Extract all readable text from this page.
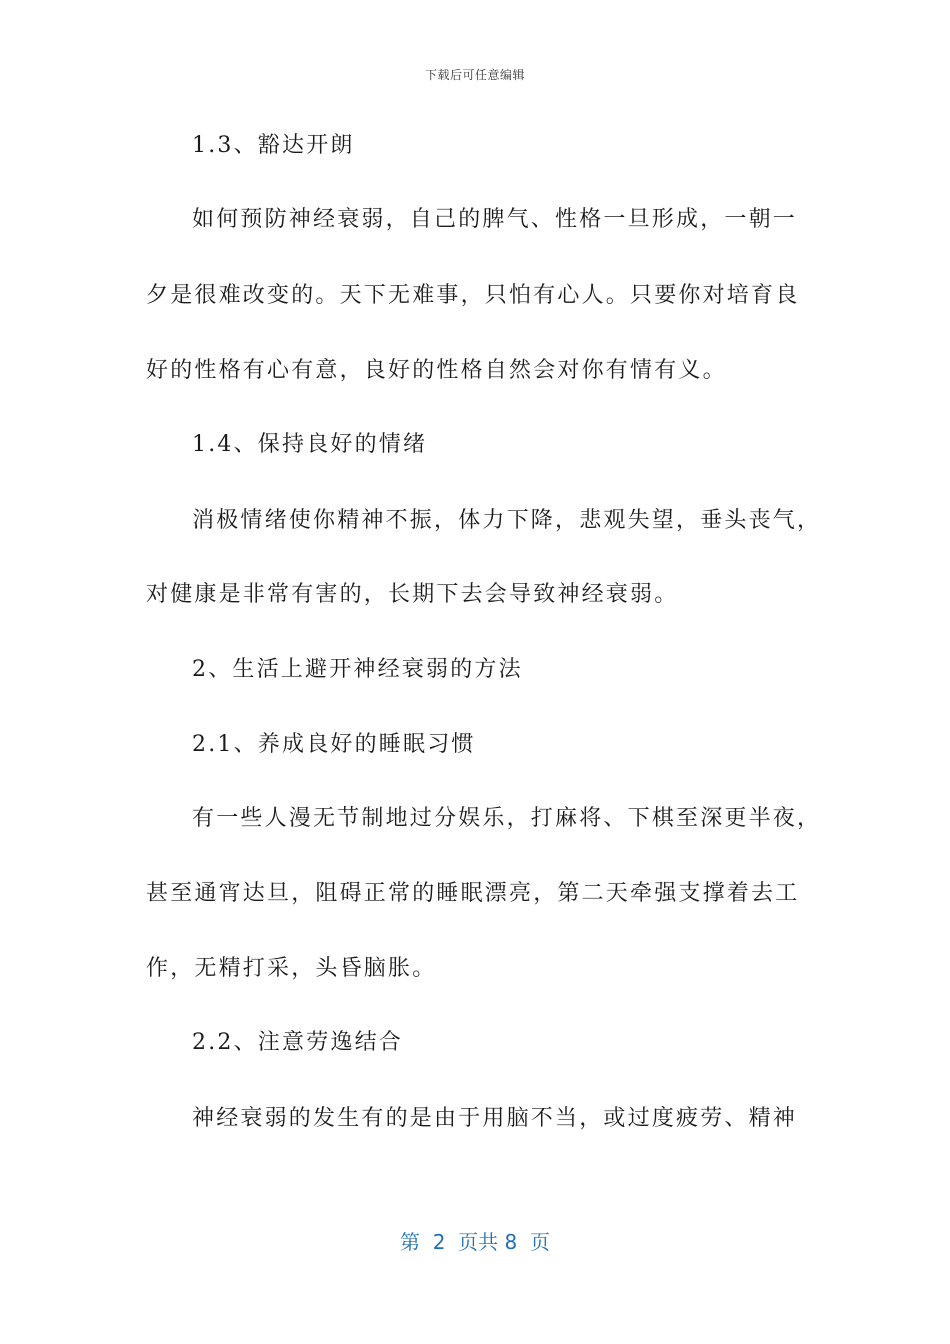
下载后可任意编辑
1.3、豁达开朗
如何预防神经衰弱，自己的脾气、性格一旦形成，一朝一
夕是很难改变的。天下无难事，只怕有心人。只要你对培育良
好的性格有心有意，良好的性格自然会对你有情有义。
1.4、保持良好的情绪
消极情绪使你精神不振，体力下降，悲观失望，垂头丧气，
对健康是非常有害的，长期下去会导致神经衰弱。
2、生活上避开神经衰弱的方法
2.1、养成良好的睡眠习惯
有一些人漫无节制地过分娱乐，打麻将、下棋至深更半夜，
甚至通宵达旦，阻碍正常的睡眠漂亮，第二天牵强支撑着去工
作，无精打采，头昏脑胀。
2.2、注意劳逸结合
神经衰弱的发生有的是由于用脑不当，或过度疲劳、精神
第  2  页共 8  页
